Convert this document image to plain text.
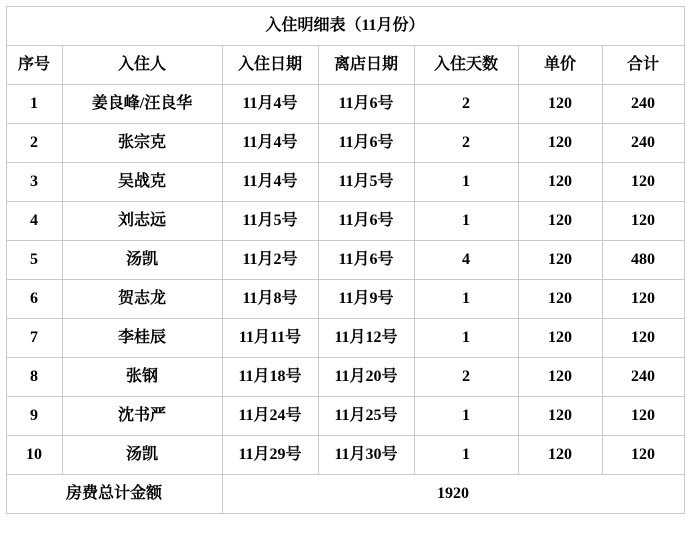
入住明细表（11月份）						
序号	入住人	入住日期	离店日期	入住天数	单价	合计
1	姜良峰/汪良华	11月4号	11月6号	2	120	240
2	张宗克	11月4号	11月6号	2	120	240
3	吴战克	11月4号	11月5号	1	120	120
4	刘志远	11月5号	11月6号	1	120	120
5	汤凯	11月2号	11月6号	4	120	480
6	贺志龙	11月8号	11月9号	1	120	120
7	李桂辰	11月11号	11月12号	1	120	120
8	张钢	11月18号	11月20号	2	120	240
9	沈书严	11月24号	11月25号	1	120	120
10	汤凯	11月29号	11月30号	1	120	120
房费总计金额		1920				
